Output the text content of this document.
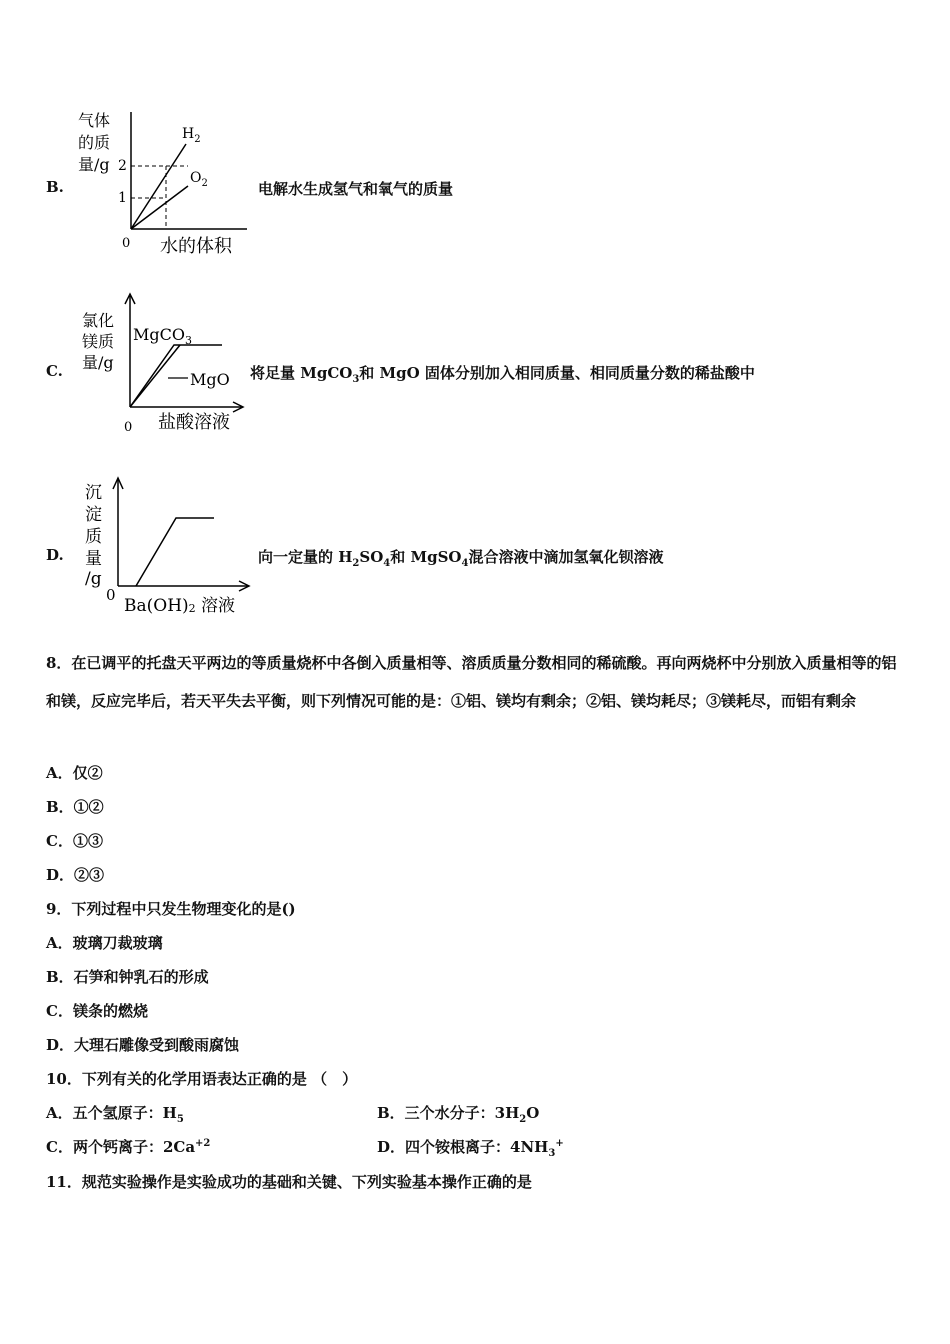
B.
气体
的质
量/g 2
1
$H_2$
$O_2$
0 水的体积
电解水生成氢气和氧气的质量
C.
氯化
镁质
量/g
MgCO$_3$
MgO
0 盐酸溶液
将足量 MgCO$_3$和 MgO 固体分别加入相同质量、相同质量分数的稀盐酸中
D.
沉
淀
质
量
/g
0
Ba(OH)2 溶液
向一定量的 $H_2SO_4$和 MgSO$_4$混合溶液中滴加氢氧化钡溶液
8．在已调平的托盘天平两边的等质量烧杯中各倒入质量相等、溶质质量分数相同的稀硫酸。再向两烧杯中分别放入质量相等的铝和镁，反应完毕后，若天平失去平衡，则下列情况可能的是：①铝、镁均有剩余；②铝、镁均耗尽；③镁耗尽，而铝有剩余
A．仅②
B．①②
C．①③
D．②③
9．下列过程中只发生物理变化的是()
A．玻璃刀裁玻璃
B．石笋和钟乳石的形成
C．镁条的燃烧
D．大理石雕像受到酸雨腐蚀
10．下列有关的化学用语表达正确的是 （　）
A．五个氢原子：$H_5$	B．三个水分子：$3H_2O$
C．两个钙离子：$2Ca^{+2}$	D．四个铵根离子：$4NH_3^+$
11．规范实验操作是实验成功的基础和关键、下列实验基本操作正确的是
